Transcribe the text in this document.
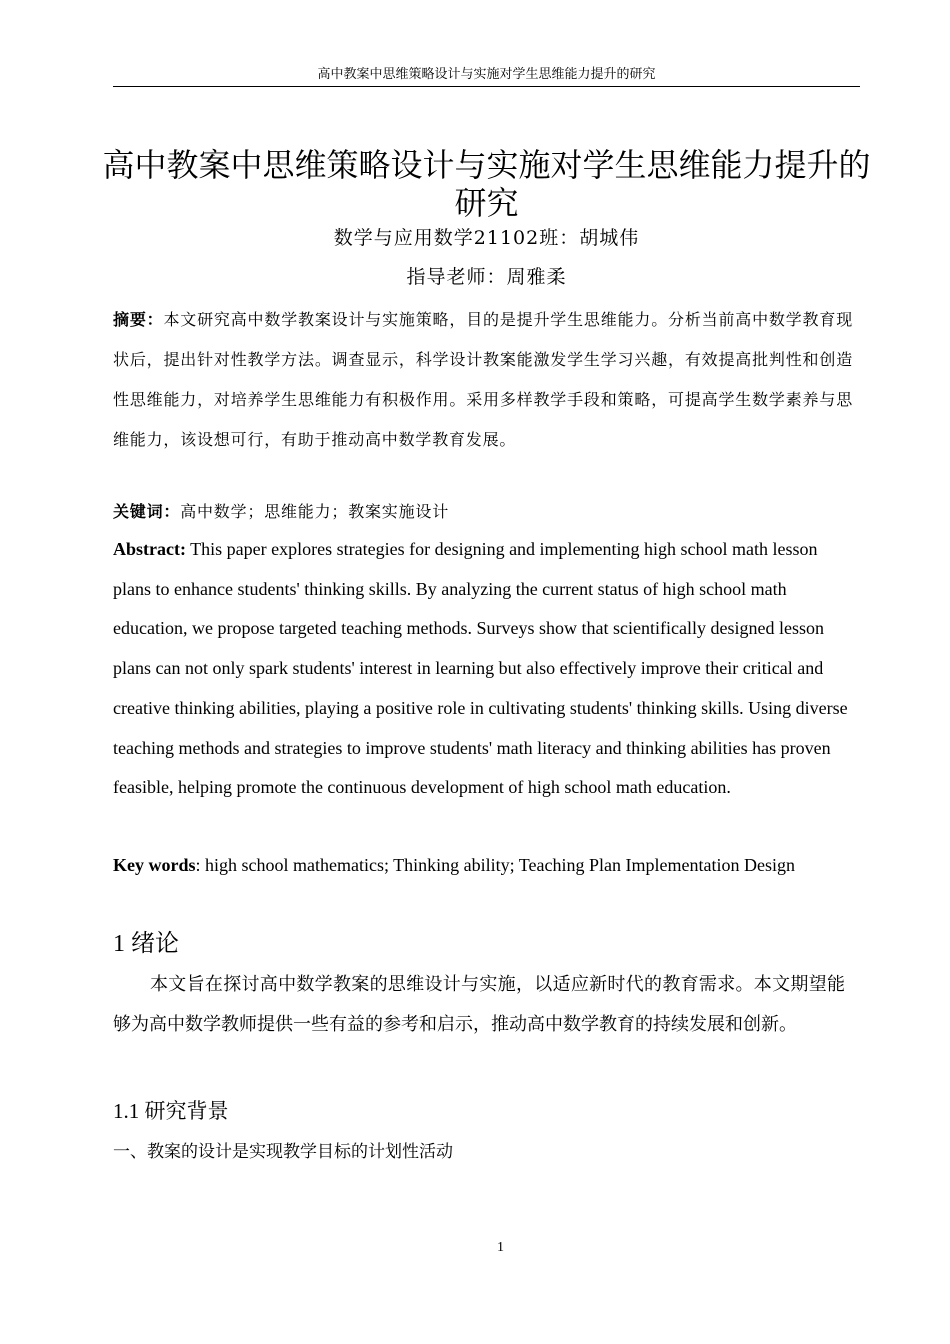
高中教案中思维策略设计与实施对学生思维能力提升的研究
高中教案中思维策略设计与实施对学生思维能力提升的研究
数学与应用数学21102班：胡城伟
指导老师：周雅柔

摘要：本文研究高中数学教案设计与实施策略，目的是提升学生思维能力。分析当前高中数学教育现状后，提出针对性教学方法。调查显示，科学设计教案能激发学生学习兴趣，有效提高批判性和创造性思维能力，对培养学生思维能力有积极作用。采用多样教学手段和策略，可提高学生数学素养与思维能力，该设想可行，有助于推动高中数学教育发展。

关键词：高中数学；思维能力；教案实施设计

Abstract: This paper explores strategies for designing and implementing high school math lesson plans to enhance students' thinking skills. By analyzing the current status of high school math education, we propose targeted teaching methods. Surveys show that scientifically designed lesson plans can not only spark students' interest in learning but also effectively improve their critical and creative thinking abilities, playing a positive role in cultivating students' thinking skills. Using diverse teaching methods and strategies to improve students' math literacy and thinking abilities has proven feasible, helping promote the continuous development of high school math education.

Key words: high school mathematics; Thinking ability; Teaching Plan Implementation Design

1 绪论

本文旨在探讨高中数学教案的思维设计与实施，以适应新时代的教育需求。本文期望能够为高中数学教师提供一些有益的参考和启示，推动高中数学教育的持续发展和创新。

1.1 研究背景
一、教案的设计是实现教学目标的计划性活动
1
